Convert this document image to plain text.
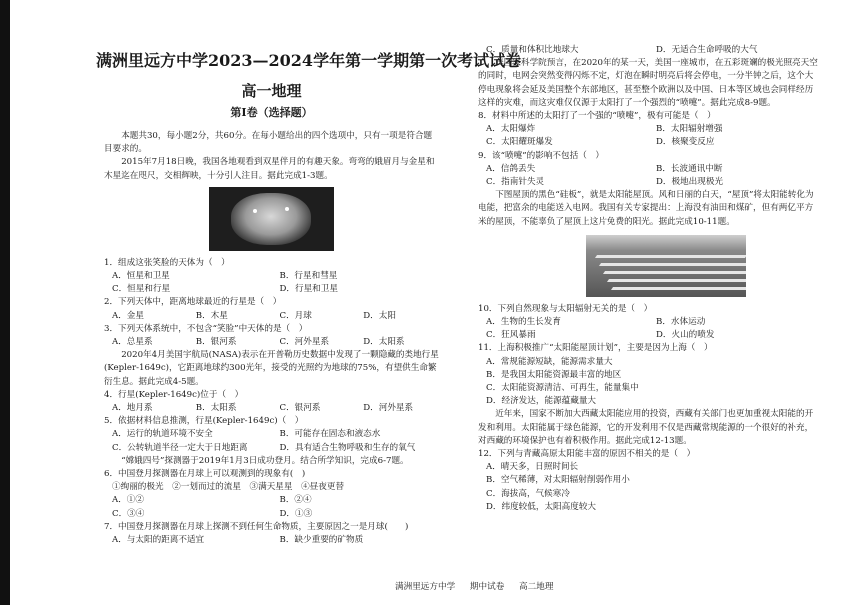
满洲里远方中学2023—2024学年第一学期第一次考试试卷
高一地理
第Ⅰ卷（选择题）

本题共30，每小题2分，共60分。在每小题给出的四个选项中，只有一项是符合题目要求的。

2015年7月18日晚，我国各地观看到双星伴月的有趣天象。弯弯的娥眉月与金星和木星迄在咫尺，交相辉映，十分引人注目。据此完成1-3题。

1．组成这张笑脸的天体为（　）

A．恒星和卫星	B．行星和彗星
C．恒星和行星	D．行星和卫星

2．下列天体中，距离地球最近的行星是（　）

A．金星	B．木星	C．月球	D．太阳

3．下列天体系统中，不包含“笑脸”中天体的是（　）

A．总星系	B．银河系	C．河外星系	D．太阳系

2020年4月美国宇航局(NASA)表示在开普勒历史数据中发现了一颗隐藏的类地行星(Kepler-1649c)，它距离地球约300光年，接受的光照约为地球的75%，有望供生命繁衍生息。据此完成4-5题。

4．行星(Kepler-1649c)位于（　）

A．地月系	B．太阳系	C．银河系	D．河外星系

5．依据材料信息推测，行星(Kepler-1649c)（　）

A．运行的轨道环境不安全	B．可能存在固态和液态水
C．公转轨道半径一定大于日地距离	D．具有适合生物呼吸和生存的氧气

“嫦娥四号”探测器于2019年1月3日成功登月。结合所学知识，完成6-7题。

6．中国登月探测器在月球上可以观测到的现象有(　)

①绚丽的极光　②一划而过的流星　③满天星星　④昼夜更替

A．①②	B．②④
C．③④	D．①③

7．中国登月探测器在月球上探测不到任何生命物质，主要原因之一是月球(　　)

A．与太阳的距离不适宜	B．缺少重要的矿物质
C．质量和体积比地球大	D．无适合生命呼吸的大气

美国家科学院预言，在2020年的某一天，美国一座城市，在五彩斑斓的极光照亮天空的同时，电网会突然变得闪烁不定，灯泡在瞬时明亮后将会停电，一分半钟之后，这个大停电现象将会延及美国整个东部地区，甚至整个欧洲以及中国、日本等区域也会同样经历这样的灾难，而这灾难仅仅源于太阳打了一个强烈的“喷嚏”。据此完成8-9题。

8．材料中所述的太阳打了一个强的“喷嚏”，极有可能是（　）

A．太阳爆炸	B．太阳辐射增强
C．太阳耀斑爆发	D．核聚变反应

9．该“喷嚏”的影响不包括（　）

A．信鸽丢失	B．长波通讯中断
C．指南针失灵	D．极地出现极光

下图屋顶的黑色“硅板”，就是太阳能屋顶。风和日丽的白天，“屋顶”将太阳能转化为电能，把富余的电能送入电网。我国有关专家提出：上海没有油田和煤矿，但有两亿平方米的屋顶，不能辜负了屋顶上这片免费的阳光。据此完成10-11题。

10．下列自然现象与太阳辐射无关的是（　）

A．生物的生长发育	B．水体运动
C．狂风暴雨	D．火山的喷发

11．上海积极推广“太阳能屋顶计划”，主要是因为上海（　）

A．常规能源短缺，能源需求量大

B．是我国太阳能资源最丰富的地区

C．太阳能资源清洁、可再生，能量集中

D．经济发达，能源蕴藏量大

近年来，国家不断加大西藏太阳能应用的投资，西藏有关部门也更加重视太阳能的开发和利用。太阳能属于绿色能源，它的开发利用不仅是西藏常规能源的一个很好的补充，对西藏的环境保护也有着积极作用。据此完成12-13题。

12．下列与青藏高原太阳能丰富的原因不相关的是（　）

A．晴天多，日照时间长

B．空气稀薄，对太阳辐射削弱作用小

C．海拔高，气候寒冷

D．纬度较低，太阳高度较大

满洲里远方中学 期中试卷 高二地理
